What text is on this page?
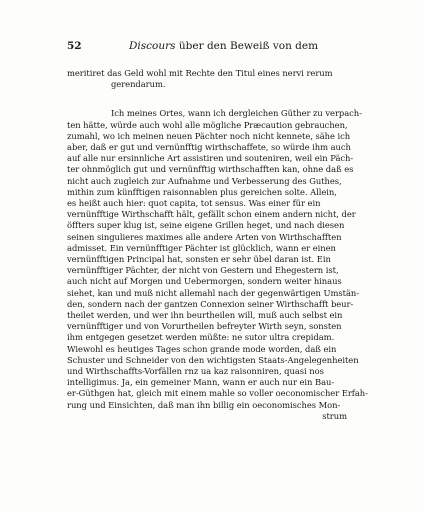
52	Discours über den Beweiß von dem
meritiret das Geld wohl mit Rechte den Titul eines nervi rerum
gerendarum.
Ich meines Ortes, wann ich dergleichen Güther zu verpach-
ten hätte, würde auch wohl alle mögliche Præcaution gebrauchen,
zumahl, wo ich meinen neuen Pächter noch nicht kennete, sähe ich
aber, daß er gut und vernünfftig wirthschaffete, so würde ihm auch
auf alle nur ersinnliche Art assistiren und souteniren, weil ein Päch-
ter ohnmöglich gut und vernünfftig wirthschafften kan, ohne daß es
nicht auch zugleich zur Aufnahme und Verbesserung des Guthes,
mithin zum künfftigen raisonnablen plus gereichen solte. Allein,
es heißt auch hier: quot capita, tot sensus. Was einer für ein
vernünfftige Wirthschafft hält, gefällt schon einem andern nicht, der
öffters super klug ist, seine eigene Grillen heget, und nach diesen
seinen singulieres maximes alle andere Arten von Wirthschafften
admisset. Ein vernünfftiger Pächter ist glücklich, wann er einen
vernünfftigen Principal hat, sonsten er sehr übel daran ist. Ein
vernünfftiger Pächter, der nicht von Gestern und Ehegestern ist,
auch nicht auf Morgen und Uebermorgen, sondern weiter hinaus
siehet, kan und muß nicht allemahl nach der gegenwärtigen Umstän-
den, sondern nach der gantzen Connexion seiner Wirthschafft beur-
theilet werden, und wer ihn beurtheilen will, muß auch selbst ein
vernünfftiger und von Vorurtheilen befreyter Wirth seyn, sonsten
ihm entgegen gesetzet werden müßte: ne sutor ultra crepidam.
Wiewohl es heutiges Tages schon grande mode worden, daß ein
Schuster und Schneider von den wichtigsten Staats-Angelegenheiten
und Wirthschaffts-Vorfällen rnz ua kaz raisonniren, quasi nos
intelligimus. Ja, ein gemeiner Mann, wann er auch nur ein Bau-
er-Güthgen hat, gleich mit einem mahle so voller oeconomischer Erfah-
rung und Einsichten, daß man ihn billig ein oeconomisches Mon-
strum
